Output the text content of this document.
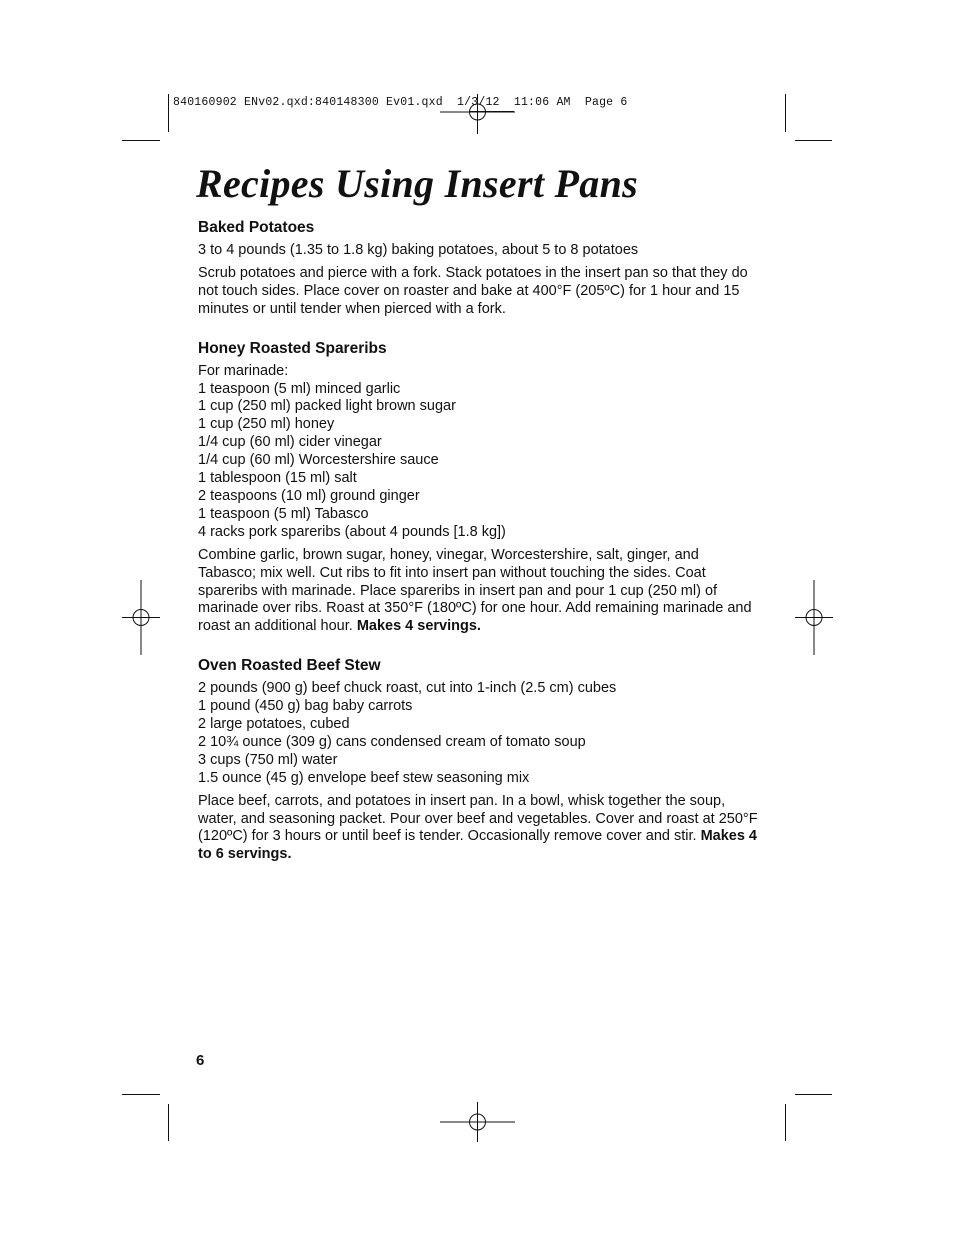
840160902 ENv02.qxd:840148300 Ev01.qxd  1/3/12  11:06 AM  Page 6
Recipes Using Insert Pans
Baked Potatoes
3 to 4 pounds (1.35 to 1.8 kg) baking potatoes, about 5 to 8 potatoes

Scrub potatoes and pierce with a fork. Stack potatoes in the insert pan so that they do not touch sides. Place cover on roaster and bake at 400°F (205ºC) for 1 hour and 15 minutes or until tender when pierced with a fork.

Honey Roasted Spareribs
For marinade:
1 teaspoon (5 ml) minced garlic
1 cup (250 ml) packed light brown sugar
1 cup (250 ml) honey
1/4 cup (60 ml) cider vinegar
1/4 cup (60 ml) Worcestershire sauce
1 tablespoon (15 ml) salt
2 teaspoons (10 ml) ground ginger
1 teaspoon (5 ml) Tabasco
4 racks pork spareribs (about 4 pounds [1.8 kg])

Combine garlic, brown sugar, honey, vinegar, Worcestershire, salt, ginger, and Tabasco; mix well. Cut ribs to fit into insert pan without touching the sides. Coat spareribs with marinade. Place spareribs in insert pan and pour 1 cup (250 ml) of marinade over ribs. Roast at 350°F (180ºC) for one hour. Add remaining marinade and roast an additional hour. Makes 4 servings.

Oven Roasted Beef Stew
2 pounds (900 g) beef chuck roast, cut into 1-inch (2.5 cm) cubes
1 pound (450 g) bag baby carrots
2 large potatoes, cubed
2 10¾ ounce (309 g) cans condensed cream of tomato soup
3 cups (750 ml) water
1.5 ounce (45 g) envelope beef stew seasoning mix

Place beef, carrots, and potatoes in insert pan. In a bowl, whisk together the soup, water, and seasoning packet. Pour over beef and vegetables. Cover and roast at 250°F (120ºC) for 3 hours or until beef is tender. Occasionally remove cover and stir. Makes 4 to 6 servings.

6
